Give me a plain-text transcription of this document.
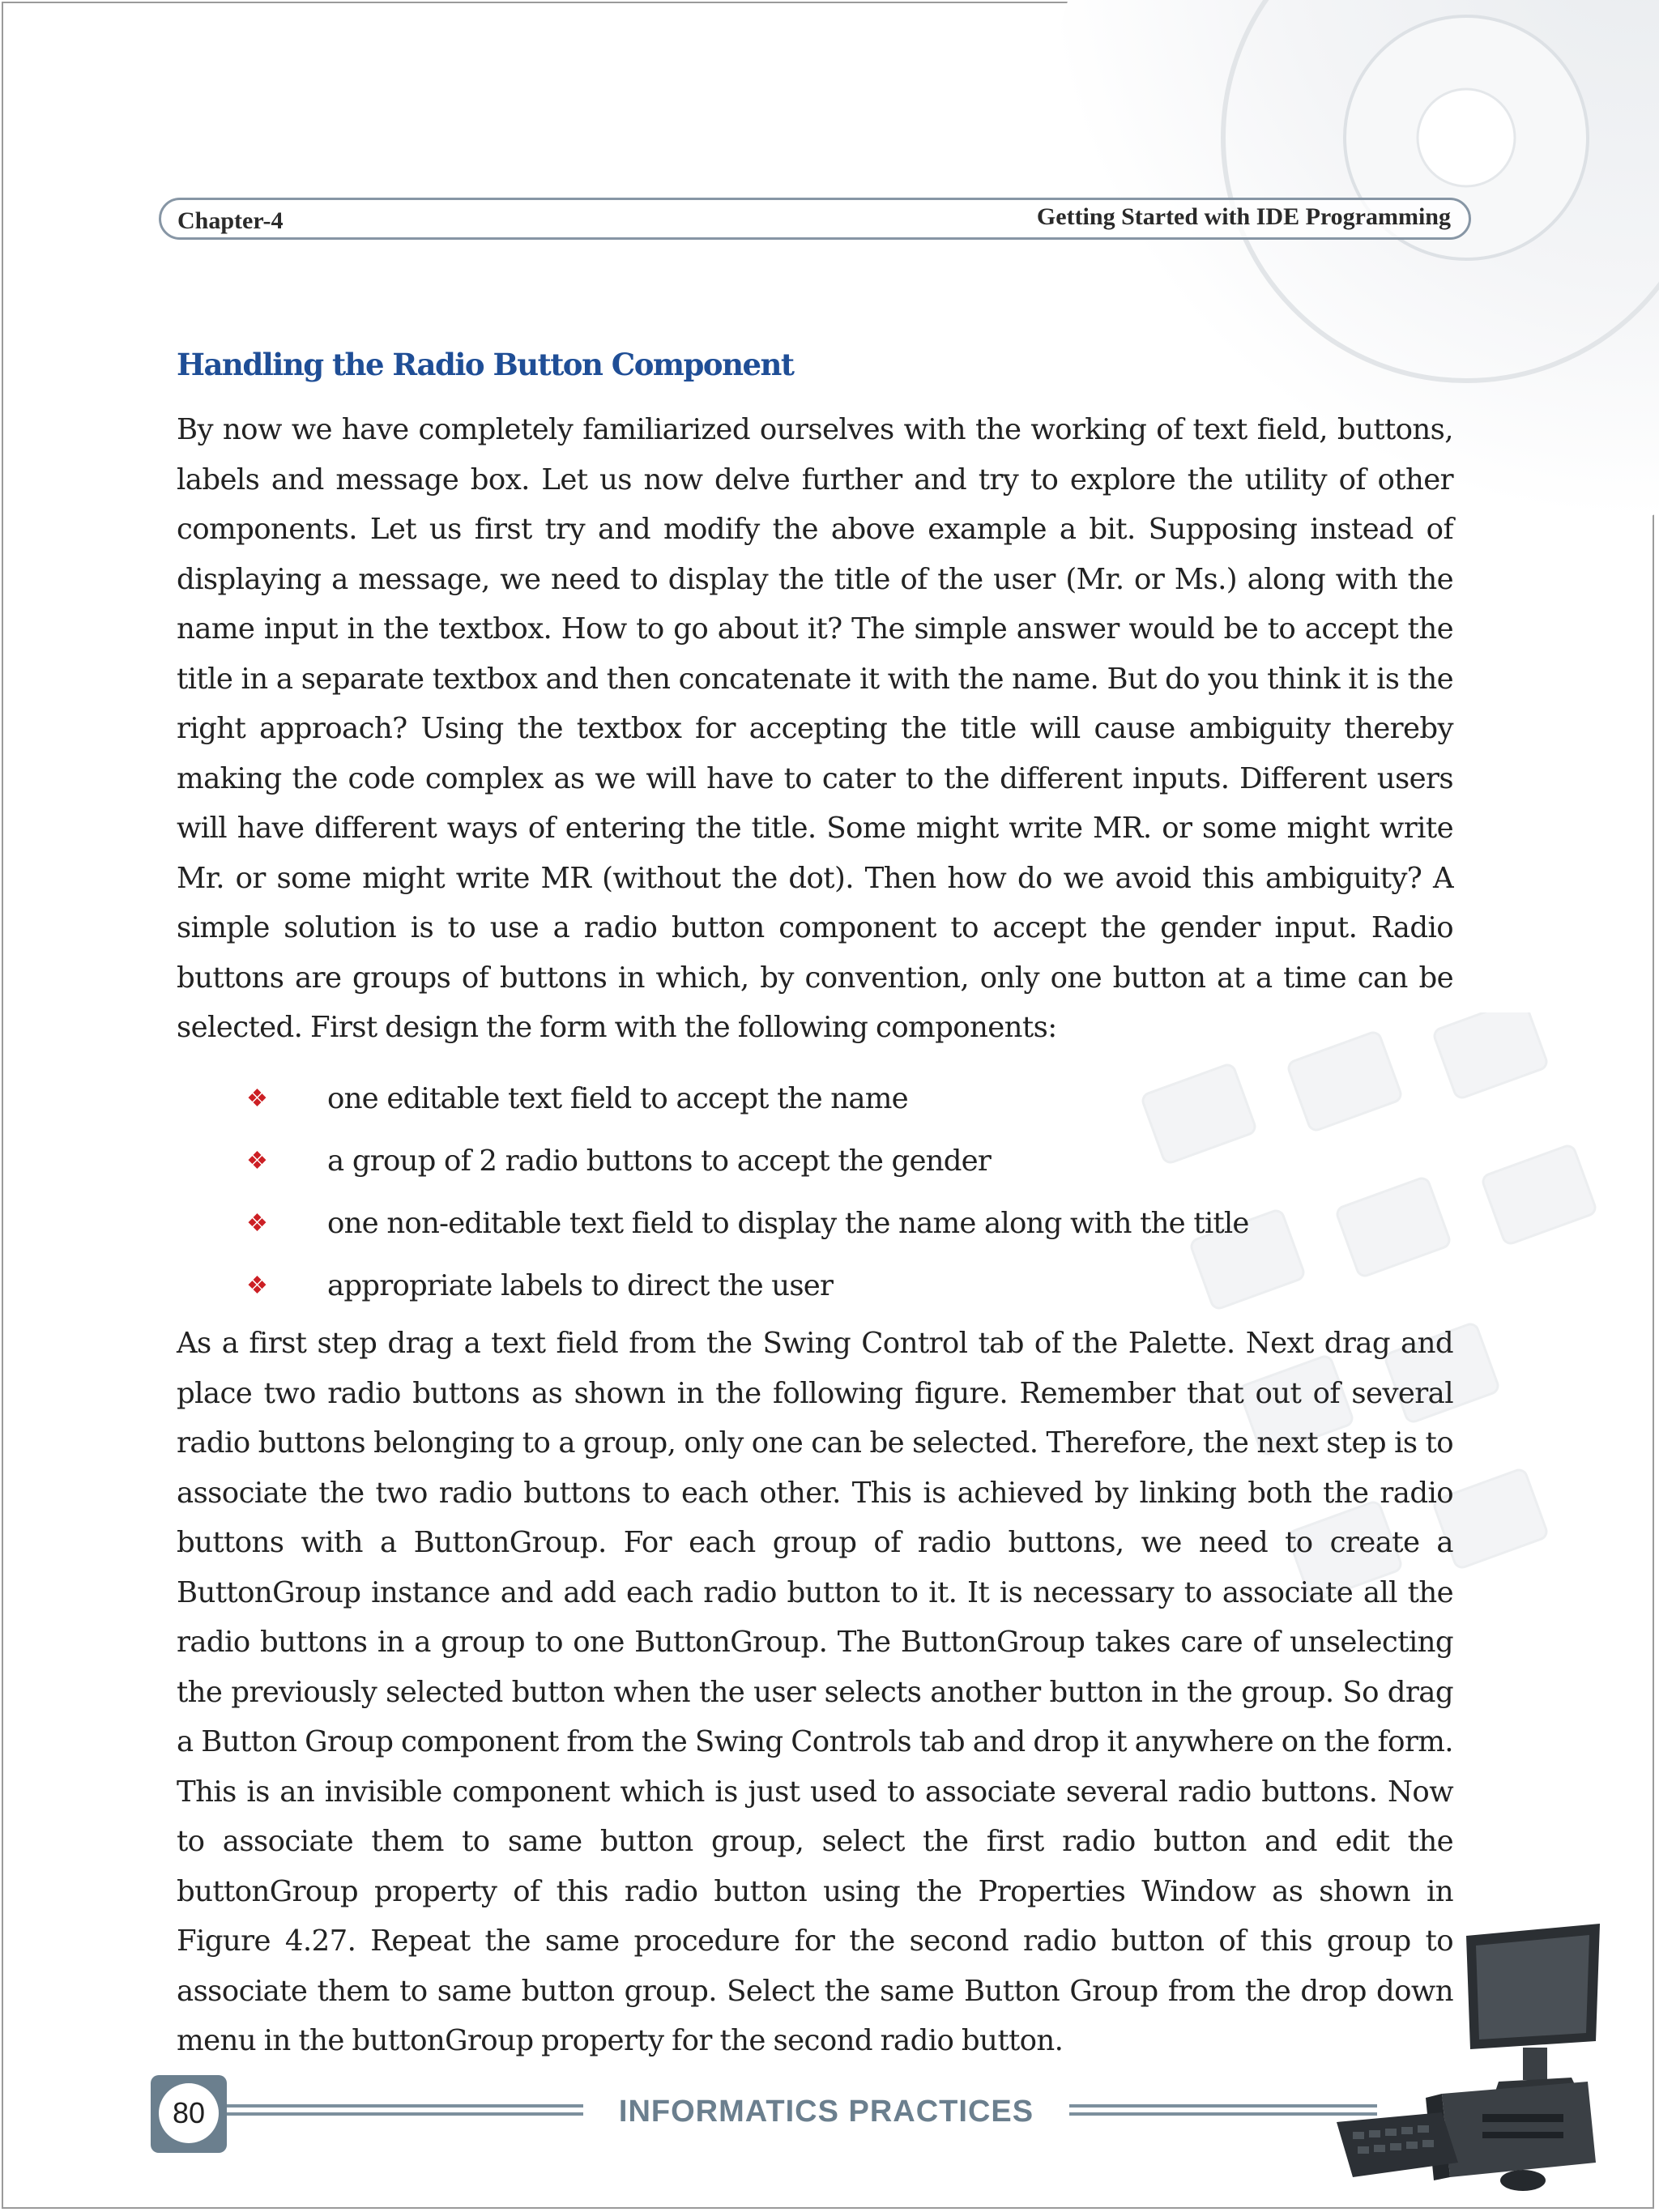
Chapter-4	Getting Started with IDE Programming
Handling the Radio Button Component

By now we have completely familiarized ourselves with the working of text field, buttons, labels and message box. Let us now delve further and try to explore the utility of other components. Let us first try and modify the above example a bit. Supposing instead of displaying a message, we need to display the title of the user (Mr. or Ms.) along with the name input in the textbox. How to go about it? The simple answer would be to accept the title in a separate textbox and then concatenate it with the name. But do you think it is the right approach? Using the textbox for accepting the title will cause ambiguity thereby making the code complex as we will have to cater to the different inputs. Different users will have different ways of entering the title. Some might write MR. or some might write Mr. or some might write MR (without the dot). Then how do we avoid this ambiguity? A simple solution is to use a radio button component to accept the gender input. Radio buttons are groups of buttons in which, by convention, only one button at a time can be selected. First design the form with the following components:

❖	one editable text field to accept the name
❖	a group of 2 radio buttons to accept the gender
❖	one non-editable text field to display the name along with the title
❖	appropriate labels to direct the user

As a first step drag a text field from the Swing Control tab of the Palette. Next drag and place two radio buttons as shown in the following figure. Remember that out of several radio buttons belonging to a group, only one can be selected. Therefore, the next step is to associate the two radio buttons to each other. This is achieved by linking both the radio buttons with a ButtonGroup. For each group of radio buttons, we need to create a ButtonGroup instance and add each radio button to it. It is necessary to associate all the radio buttons in a group to one ButtonGroup. The ButtonGroup takes care of unselecting the previously selected button when the user selects another button in the group. So drag a Button Group component from the Swing Controls tab and drop it anywhere on the form. This is an invisible component which is just used to associate several radio buttons. Now to associate them to same button group, select the first radio button and edit the buttonGroup property of this radio button using the Properties Window as shown in Figure 4.27. Repeat the same procedure for the second radio button of this group to associate them to same button group. Select the same Button Group from the drop down menu in the buttonGroup property for the second radio button.

80	INFORMATICS PRACTICES
